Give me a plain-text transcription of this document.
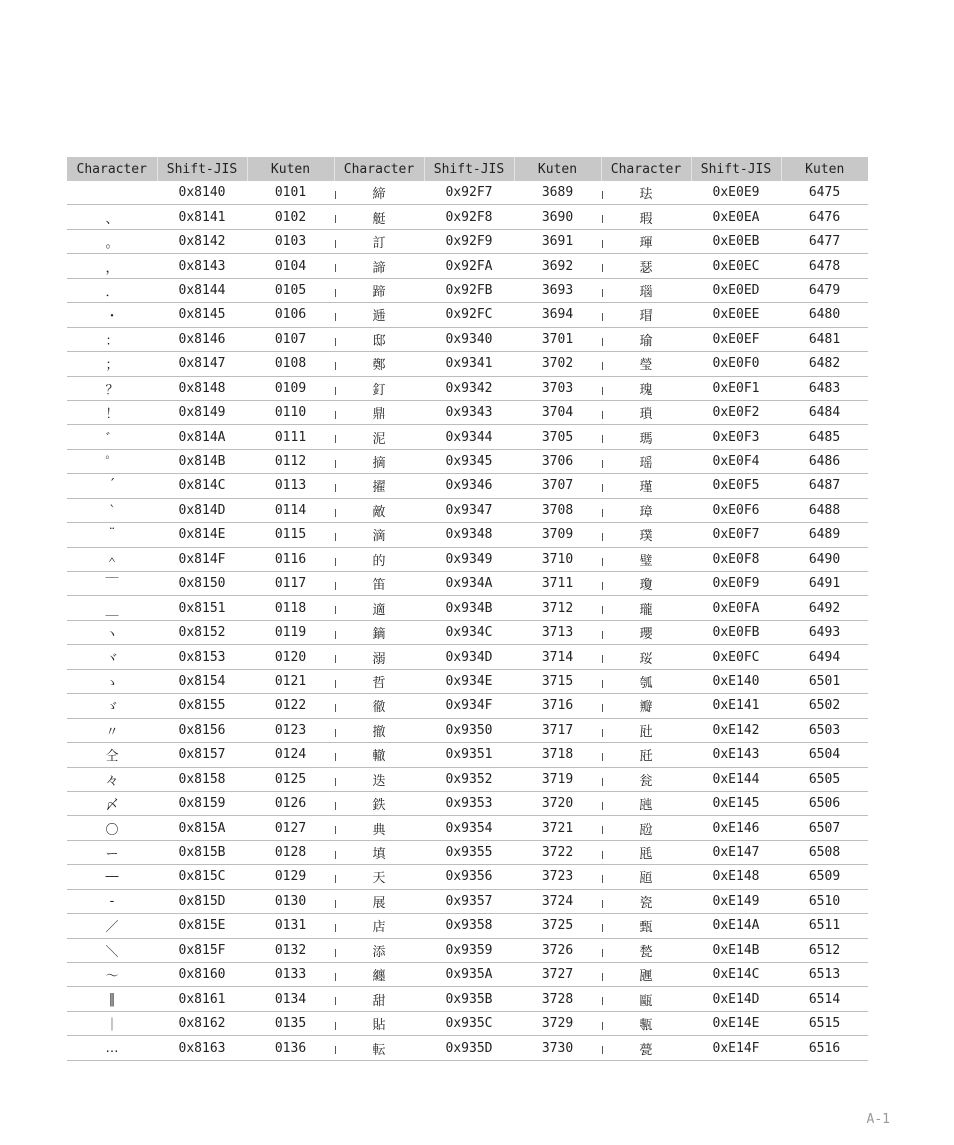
Character	Shift-JIS	Kuten	Character	Shift-JIS	Kuten	Character	Shift-JIS	Kuten
　	0x8140	0101	締	0x92F7	3689	珐	0xE0E9	6475
、	0x8141	0102	艇	0x92F8	3690	瑕	0xE0EA	6476
。	0x8142	0103	訂	0x92F9	3691	琿	0xE0EB	6477
，	0x8143	0104	諦	0x92FA	3692	瑟	0xE0EC	6478
．	0x8144	0105	蹄	0x92FB	3693	瑙	0xE0ED	6479
・	0x8145	0106	逓	0x92FC	3694	瑁	0xE0EE	6480
：	0x8146	0107	邸	0x9340	3701	瑜	0xE0EF	6481
；	0x8147	0108	鄭	0x9341	3702	瑩	0xE0F0	6482
？	0x8148	0109	釘	0x9342	3703	瑰	0xE0F1	6483
！	0x8149	0110	鼎	0x9343	3704	瑣	0xE0F2	6484
゛	0x814A	0111	泥	0x9344	3705	瑪	0xE0F3	6485
゜	0x814B	0112	摘	0x9345	3706	瑶	0xE0F4	6486
´	0x814C	0113	擢	0x9346	3707	瑾	0xE0F5	6487
｀	0x814D	0114	敵	0x9347	3708	璋	0xE0F6	6488
¨	0x814E	0115	滴	0x9348	3709	璞	0xE0F7	6489
＾	0x814F	0116	的	0x9349	3710	璧	0xE0F8	6490
￣	0x8150	0117	笛	0x934A	3711	瓊	0xE0F9	6491
＿	0x8151	0118	適	0x934B	3712	瓏	0xE0FA	6492
ヽ	0x8152	0119	鏑	0x934C	3713	瓔	0xE0FB	6493
ヾ	0x8153	0120	溺	0x934D	3714	珱	0xE0FC	6494
ゝ	0x8154	0121	哲	0x934E	3715	瓠	0xE140	6501
ゞ	0x8155	0122	徹	0x934F	3716	瓣	0xE141	6502
〃	0x8156	0123	撤	0x9350	3717	瓧	0xE142	6503
仝	0x8157	0124	轍	0x9351	3718	瓩	0xE143	6504
々	0x8158	0125	迭	0x9352	3719	瓮	0xE144	6505
〆	0x8159	0126	鉄	0x9353	3720	瓲	0xE145	6506
〇	0x815A	0127	典	0x9354	3721	瓰	0xE146	6507
ー	0x815B	0128	填	0x9355	3722	瓱	0xE147	6508
―	0x815C	0129	天	0x9356	3723	瓸	0xE148	6509
‐	0x815D	0130	展	0x9357	3724	瓷	0xE149	6510
／	0x815E	0131	店	0x9358	3725	甄	0xE14A	6511
＼	0x815F	0132	添	0x9359	3726	甃	0xE14B	6512
～	0x8160	0133	纏	0x935A	3727	甅	0xE14C	6513
‖	0x8161	0134	甜	0x935B	3728	甌	0xE14D	6514
｜	0x8162	0135	貼	0x935C	3729	甎	0xE14E	6515
…	0x8163	0136	転	0x935D	3730	甍	0xE14F	6516
A-1
